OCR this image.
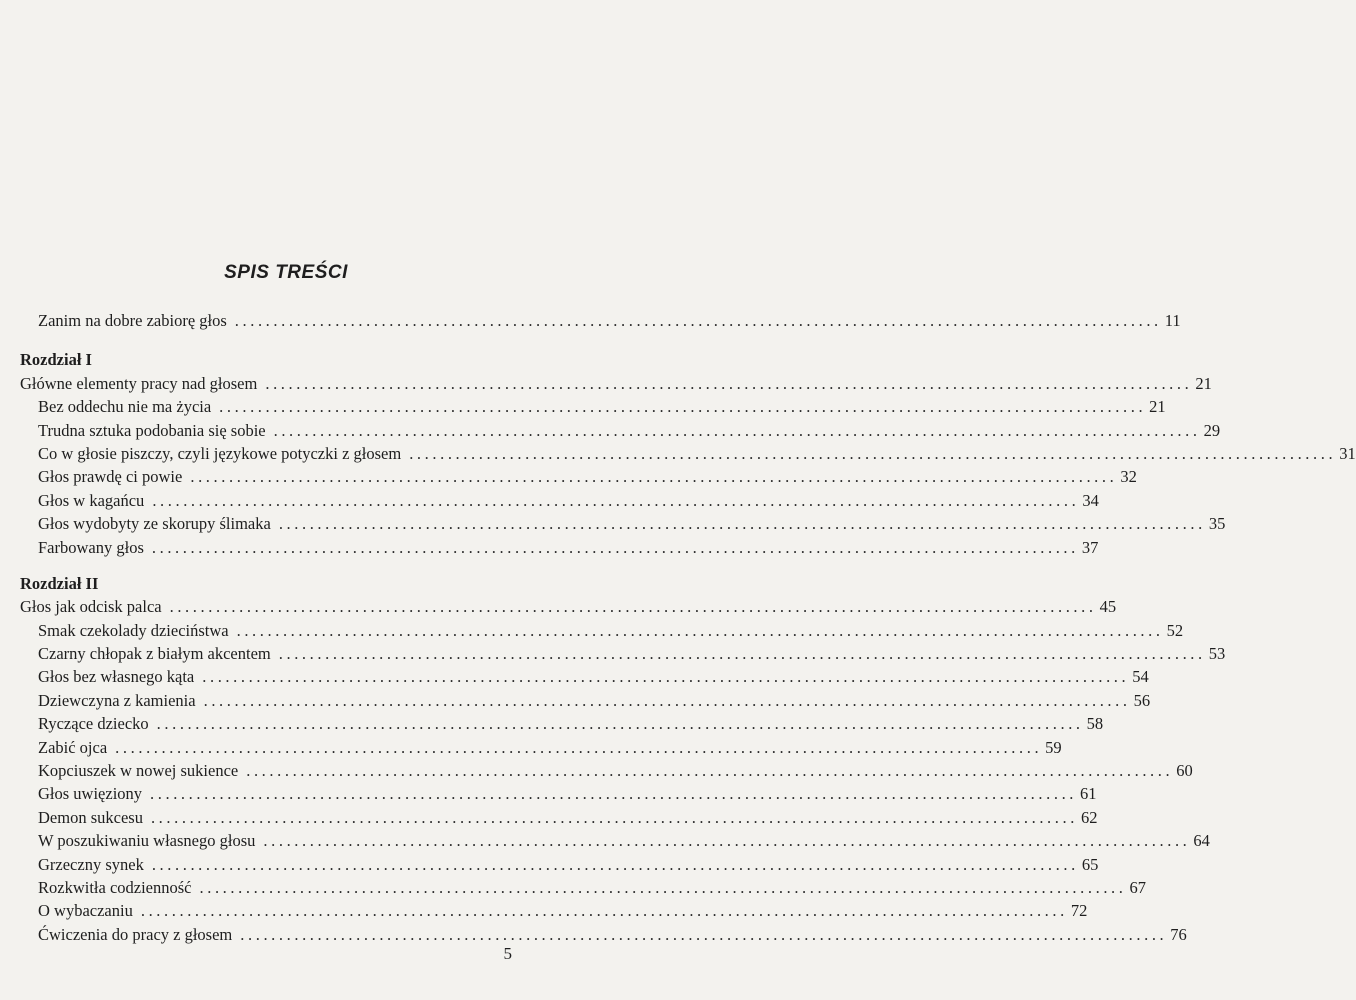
SPIS TREŚCI
Zanim na dobre zabiorę głos ........................................................................................................................ 11
Rozdział I
Główne elementy pracy nad głosem ........................................................................................................................ 21
Bez oddechu nie ma życia ........................................................................................................................ 21
Trudna sztuka podobania się sobie ........................................................................................................................ 29
Co w głosie piszczy, czyli językowe potyczki z głosem ........................................................................................................................ 31
Głos prawdę ci powie ........................................................................................................................ 32
Głos w kagańcu ........................................................................................................................ 34
Głos wydobyty ze skorupy ślimaka ........................................................................................................................ 35
Farbowany głos ........................................................................................................................ 37
Rozdział II
Głos jak odcisk palca ........................................................................................................................ 45
Smak czekolady dzieciństwa ........................................................................................................................ 52
Czarny chłopak z białym akcentem ........................................................................................................................ 53
Głos bez własnego kąta ........................................................................................................................ 54
Dziewczyna z kamienia ........................................................................................................................ 56
Ryczące dziecko ........................................................................................................................ 58
Zabić ojca ........................................................................................................................ 59
Kopciuszek w nowej sukience ........................................................................................................................ 60
Głos uwięziony ........................................................................................................................ 61
Demon sukcesu ........................................................................................................................ 62
W poszukiwaniu własnego głosu ........................................................................................................................ 64
Grzeczny synek ........................................................................................................................ 65
Rozkwitła codzienność ........................................................................................................................ 67
O wybaczaniu ........................................................................................................................ 72
Ćwiczenia do pracy z głosem ........................................................................................................................ 76
5
